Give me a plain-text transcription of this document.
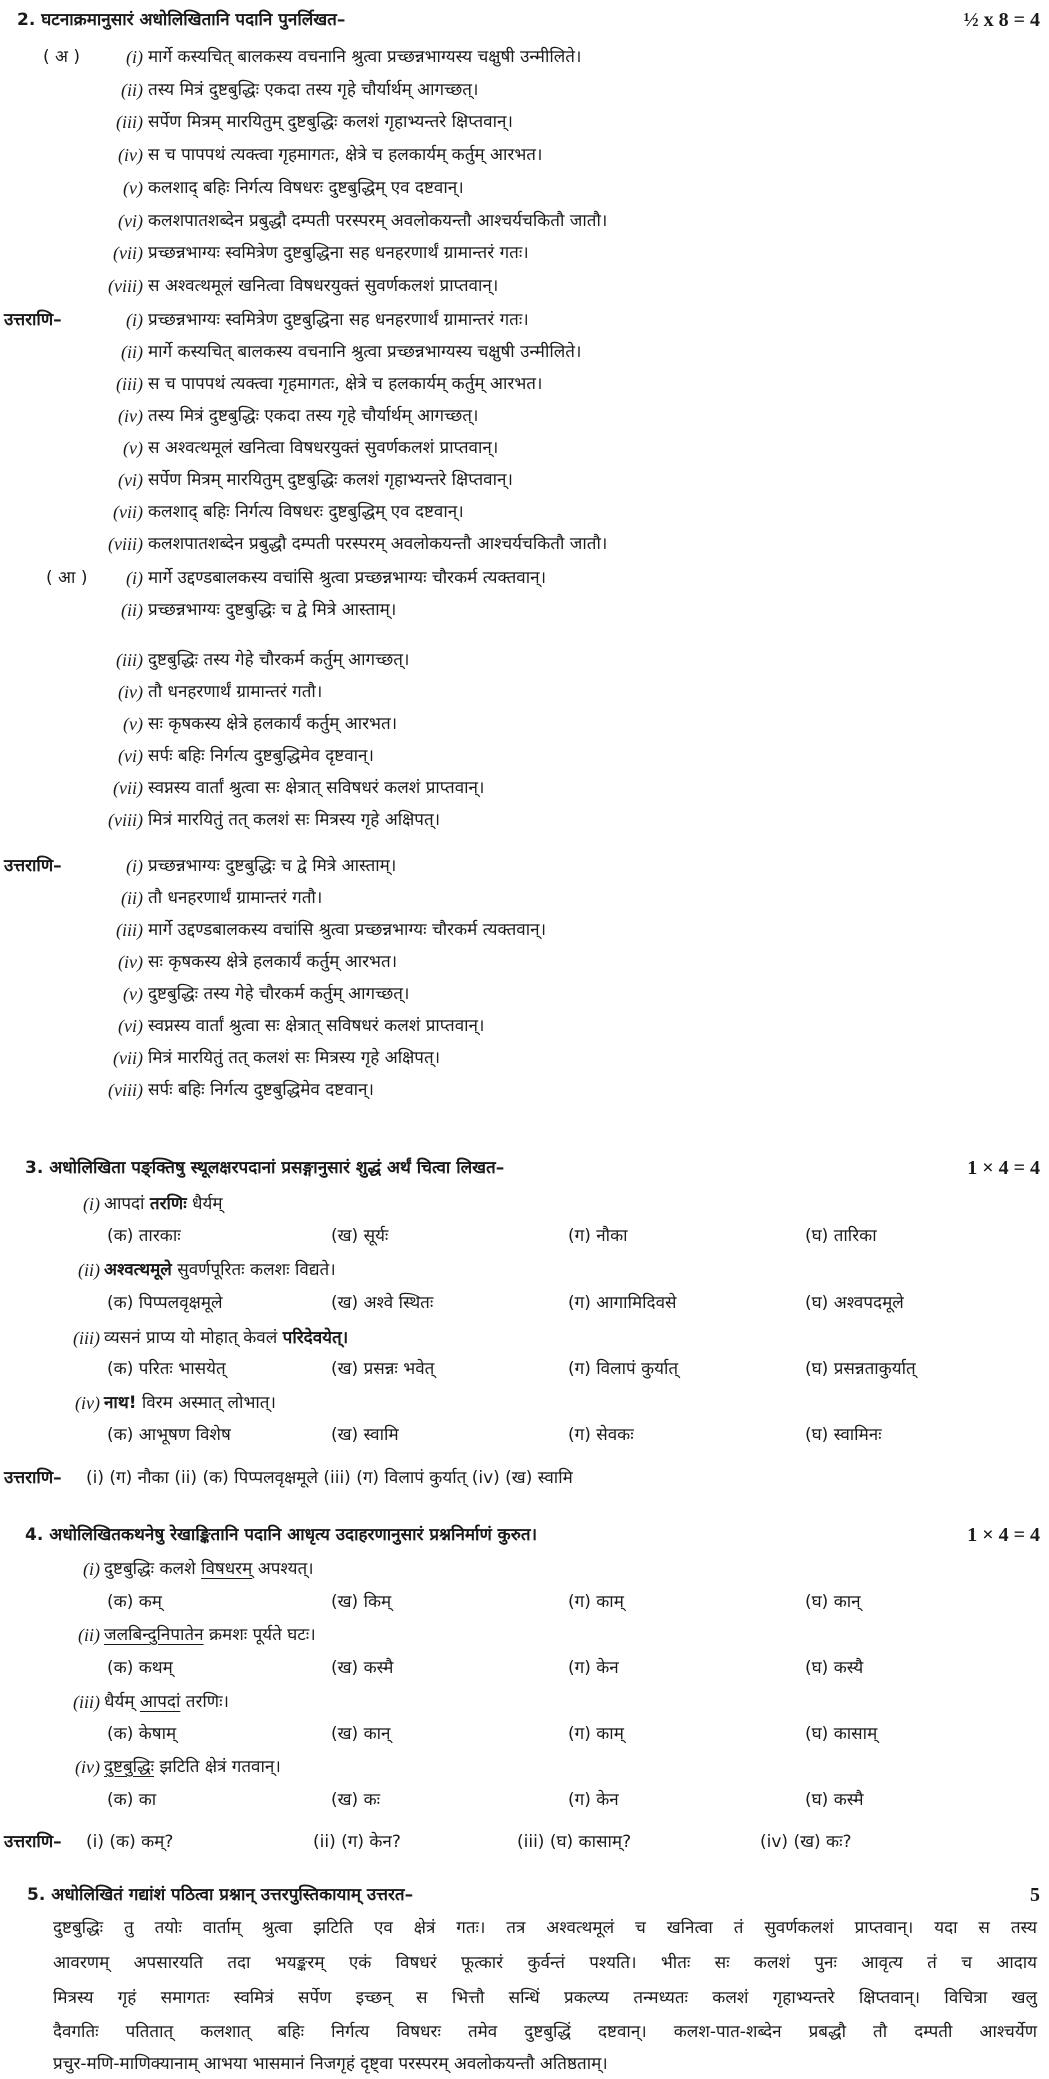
2. घटनाक्रमानुसारं अधोलिखितानि पदानि पुनर्लिखत–	½ x 8 = 4
( अ )	(i) मार्गे कस्यचित् बालकस्य वचनानि श्रुत्वा प्रच्छन्नभाग्यस्य चक्षुषी उन्मीलिते।
(ii) तस्य मित्रं दुष्टबुद्धिः एकदा तस्य गृहे चौर्यार्थम् आगच्छत्।
(iii) सर्पेण मित्रम् मारयितुम् दुष्टबुद्धिः कलशं गृहाभ्यन्तरे क्षिप्तवान्।
(iv) स च पापपथं त्यक्त्वा गृहमागतः, क्षेत्रे च हलकार्यम् कर्तुम् आरभत।
(v) कलशाद् बहिः निर्गत्य विषधरः दुष्टबुद्धिम् एव दष्टवान्।
(vi) कलशपातशब्देन प्रबुद्धौ दम्पती परस्परम् अवलोकयन्तौ आश्चर्यचकितौ जातौ।
(vii) प्रच्छन्नभाग्यः स्वमित्रेण दुष्टबुद्धिना सह धनहरणार्थं ग्रामान्तरं गतः।
(viii) स अश्वत्थमूलं खनित्वा विषधरयुक्तं सुवर्णकलशं प्राप्तवान्।
उत्तराणि–	(i) प्रच्छन्नभाग्यः स्वमित्रेण दुष्टबुद्धिना सह धनहरणार्थं ग्रामान्तरं गतः।
(ii) मार्गे कस्यचित् बालकस्य वचनानि श्रुत्वा प्रच्छन्नभाग्यस्य चक्षुषी उन्मीलिते।
(iii) स च पापपथं त्यक्त्वा गृहमागतः, क्षेत्रे च हलकार्यम् कर्तुम् आरभत।
(iv) तस्य मित्रं दुष्टबुद्धिः एकदा तस्य गृहे चौर्यार्थम् आगच्छत्।
(v) स अश्वत्थमूलं खनित्वा विषधरयुक्तं सुवर्णकलशं प्राप्तवान्।
(vi) सर्पेण मित्रम् मारयितुम् दुष्टबुद्धिः कलशं गृहाभ्यन्तरे क्षिप्तवान्।
(vii) कलशाद् बहिः निर्गत्य विषधरः दुष्टबुद्धिम् एव दष्टवान्।
(viii) कलशपातशब्देन प्रबुद्धौ दम्पती परस्परम् अवलोकयन्तौ आश्चर्यचकितौ जातौ।
( आ ) (i) मार्गे उद्दण्डबालकस्य वचांसि श्रुत्वा प्रच्छन्नभाग्यः चौरकर्म त्यक्तवान्।
(ii) प्रच्छन्नभाग्यः दुष्टबुद्धिः च द्वे मित्रे आस्ताम्।
(iii) दुष्टबुद्धिः तस्य गेहे चौरकर्म कर्तुम् आगच्छत्।
(iv) तौ धनहरणार्थं ग्रामान्तरं गतौ।
(v) सः कृषकस्य क्षेत्रे हलकार्यं कर्तुम् आरभत।
(vi) सर्पः बहिः निर्गत्य दुष्टबुद्धिमेव दृष्टवान्।
(vii) स्वप्नस्य वार्तां श्रुत्वा सः क्षेत्रात् सविषधरं कलशं प्राप्तवान्।
(viii) मित्रं मारयितुं तत् कलशं सः मित्रस्य गृहे अक्षिपत्।
उत्तराणि–	(i) प्रच्छन्नभाग्यः दुष्टबुद्धिः च द्वे मित्रे आस्ताम्।
(ii) तौ धनहरणार्थं ग्रामान्तरं गतौ।
(iii) मार्गे उद्दण्डबालकस्य वचांसि श्रुत्वा प्रच्छन्नभाग्यः चौरकर्म त्यक्तवान्।
(iv) सः कृषकस्य क्षेत्रे हलकार्यं कर्तुम् आरभत।
(v) दुष्टबुद्धिः तस्य गेहे चौरकर्म कर्तुम् आगच्छत्।
(vi) स्वप्नस्य वार्तां श्रुत्वा सः क्षेत्रात् सविषधरं कलशं प्राप्तवान्।
(vii) मित्रं मारयितुं तत् कलशं सः मित्रस्य गृहे अक्षिपत्।
(viii) सर्पः बहिः निर्गत्य दुष्टबुद्धिमेव दष्टवान्।
3. अधोलिखिता पङ्क्तिषु स्थूलक्षरपदानां प्रसङ्गानुसारं शुद्धं अर्थं चित्वा लिखत–	1 × 4 = 4
(i) आपदां तरणिः धैर्यम्
(क) तारकाः	(ख) सूर्यः	(ग) नौका	(घ) तारिका
(ii) अश्वत्थमूले सुवर्णपूरितः कलशः विद्यते।
(क) पिप्पलवृक्षमूले	(ख) अश्वे स्थितः	(ग) आगामिदिवसे	(घ) अश्वपदमूले
(iii) व्यसनं प्राप्य यो मोहात् केवलं परिदेवयेत्।
(क) परितः भासयेत्	(ख) प्रसन्नः भवेत्	(ग) विलापं कुर्यात्	(घ) प्रसन्नताकुर्यात्
(iv) नाथ! विरम अस्मात् लोभात्।
(क) आभूषण विशेष	(ख) स्वामि	(ग) सेवकः	(घ) स्वामिनः
उत्तराणि– (i) (ग) नौका (ii) (क) पिप्पलवृक्षमूले (iii) (ग) विलापं कुर्यात् (iv) (ख) स्वामि
4. अधोलिखितकथनेषु रेखाङ्कितानि पदानि आधृत्य उदाहरणानुसारं प्रश्ननिर्माणं कुरुत।	1 × 4 = 4
(i) दुष्टबुद्धिः कलशे विषधरम् अपश्यत्।
(क) कम्	(ख) किम्	(ग) काम्	(घ) कान्
(ii) जलबिन्दुनिपातेन क्रमशः पूर्यते घटः।
(क) कथम्	(ख) कस्मै	(ग) केन	(घ) कस्यै
(iii) धैर्यम् आपदां तरणिः।
(क) केषाम्	(ख) कान्	(ग) काम्	(घ) कासाम्
(iv) दुष्टबुद्धिः झटिति क्षेत्रं गतवान्।
(क) का	(ख) कः	(ग) केन	(घ) कस्मै
उत्तराणि– (i) (क) कम्?	(ii) (ग) केन?	(iii) (घ) कासाम्?	(iv) (ख) कः?
5. अधोलिखितं गद्यांशं पठित्वा प्रश्नान् उत्तरपुस्तिकायाम् उत्तरत–	5
दुष्टबुद्धिः तु तयोः वार्ताम् श्रुत्वा झटिति एव क्षेत्रं गतः। तत्र अश्वत्थमूलं च खनित्वा तं सुवर्णकलशं प्राप्तवान्। यदा स तस्य
आवरणम् अपसारयति तदा भयङ्करम् एकं विषधरं फूत्कारं कुर्वन्तं पश्यति। भीतः सः कलशं पुनः आवृत्य तं च आदाय
मित्रस्य गृहं समागतः स्वमित्रं सर्पेण इच्छन् स भित्तौ सन्धिं प्रकल्प्य तन्मध्यतः कलशं गृहाभ्यन्तरे क्षिप्तवान्। विचित्रा खलु
दैवगतिः पतितात् कलशात् बहिः निर्गत्य विषधरः तमेव दुष्टबुद्धिं दष्टवान्। कलश-पात-शब्देन प्रबद्धौ तौ दम्पती आश्चर्येण
प्रचुर-मणि-माणिक्यानाम् आभया भासमानं निजगृहं दृष्ट्वा परस्परम् अवलोकयन्तौ अतिष्ठताम्।
